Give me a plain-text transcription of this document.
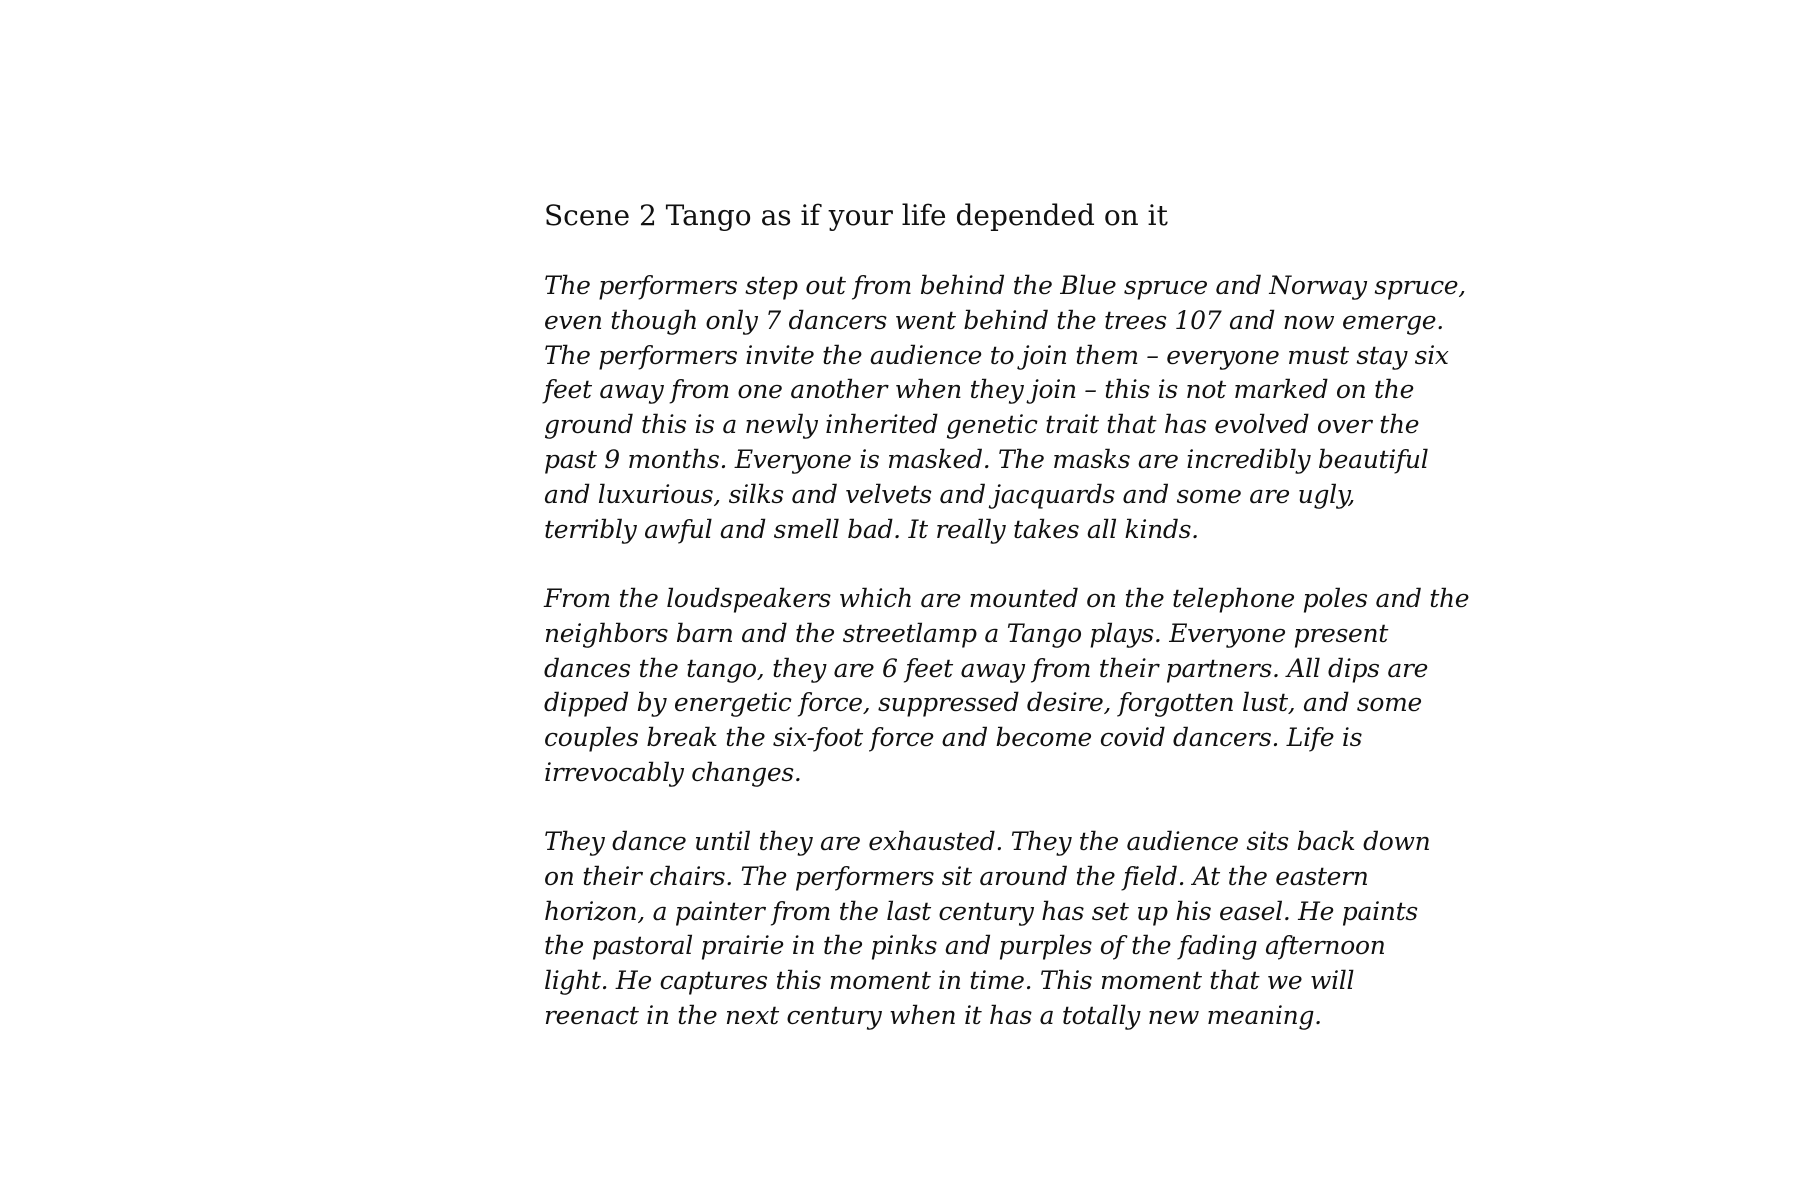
Scene 2 Tango as if your life depended on it

The performers step out from behind the Blue spruce and Norway spruce,
even though only 7 dancers went behind the trees 107 and now emerge.
The performers invite the audience to join them – everyone must stay six
feet away from one another when they join – this is not marked on the
ground this is a newly inherited genetic trait that has evolved over the
past 9 months. Everyone is masked. The masks are incredibly beautiful
and luxurious, silks and velvets and jacquards and some are ugly,
terribly awful and smell bad. It really takes all kinds.

From the loudspeakers which are mounted on the telephone poles and the
neighbors barn and the streetlamp a Tango plays. Everyone present
dances the tango, they are 6 feet away from their partners. All dips are
dipped by energetic force, suppressed desire, forgotten lust, and some
couples break the six-foot force and become covid dancers. Life is
irrevocably changes.

They dance until they are exhausted. They the audience sits back down
on their chairs. The performers sit around the field. At the eastern
horizon, a painter from the last century has set up his easel. He paints
the pastoral prairie in the pinks and purples of the fading afternoon
light. He captures this moment in time. This moment that we will
reenact in the next century when it has a totally new meaning.
